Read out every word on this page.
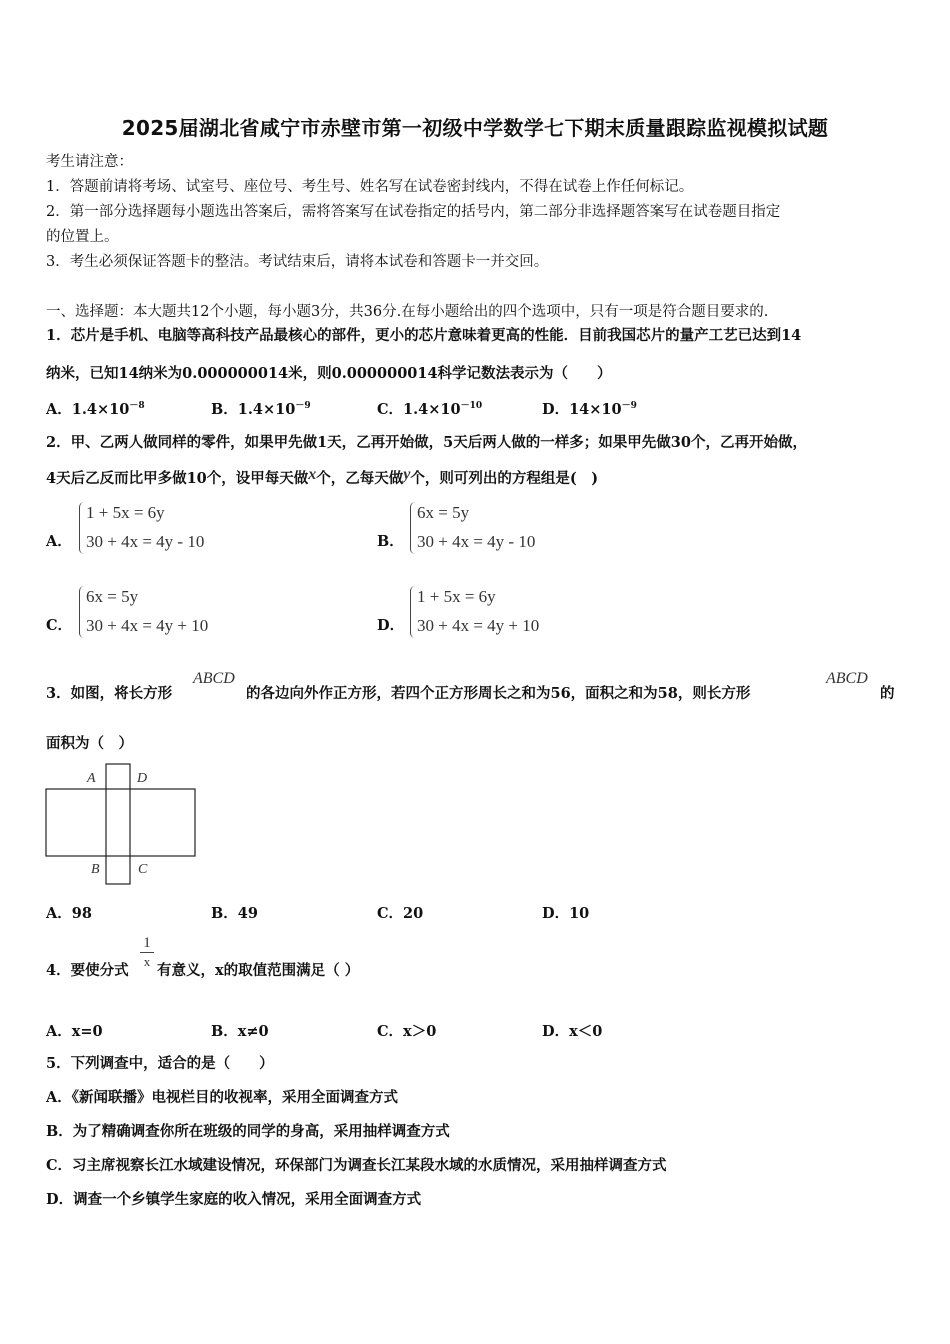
2025届湖北省咸宁市赤壁市第一初级中学数学七下期末质量跟踪监视模拟试题
考生请注意：
1．答题前请将考场、试室号、座位号、考生号、姓名写在试卷密封线内，不得在试卷上作任何标记。
2．第一部分选择题每小题选出答案后，需将答案写在试卷指定的括号内，第二部分非选择题答案写在试卷题目指定
的位置上。
3．考生必须保证答题卡的整洁。考试结束后，请将本试卷和答题卡一并交回。
一、选择题：本大题共12个小题，每小题3分，共36分.在每小题给出的四个选项中，只有一项是符合题目要求的.
1．芯片是手机、电脑等高科技产品最核心的部件，更小的芯片意味着更高的性能．目前我国芯片的量产工艺已达到14
纳米，已知14纳米为0.000000014米，则0.000000014科学记数法表示为（　　）
A．$1.4\times 10^{-8}$	B．$1.4\times 10^{-9}$	C．$1.4\times 10^{-10}$	D．$14\times 10^{-9}$
2．甲、乙两人做同样的零件，如果甲先做1天，乙再开始做，5天后两人做的一样多；如果甲先做30个，乙再开始做，
4天后乙反而比甲多做10个，设甲每天做x个，乙每天做y个，则可列出的方程组是(　)
A．
1 + 5x = 6y
30 + 4x = 4y - 10	B．
6x = 5y
30 + 4x = 4y - 10
C．
6x = 5y
30 + 4x = 4y + 10	D．
1 + 5x = 6y
30 + 4x = 4y + 10
3．如图，将长方形
ABCD
的各边向外作正方形，若四个正方形周长之和为56，面积之和为58，则长方形
ABCD
的
面积为（　）
A	D
B	C
A．98	B．49	C．20	D．10
4．要使分式 $\frac{1}{x}$ 有意义，x的取值范围满足（ ）
A．x=0	B．x≠0	C．x＞0	D．x＜0
5．下列调查中，适合的是（　　）
A．《新闻联播》电视栏目的收视率，采用全面调查方式
B．为了精确调查你所在班级的同学的身高，采用抽样调查方式
C．习主席视察长江水域建设情况，环保部门为调查长江某段水域的水质情况，采用抽样调查方式
D．调查一个乡镇学生家庭的收入情况，采用全面调查方式
